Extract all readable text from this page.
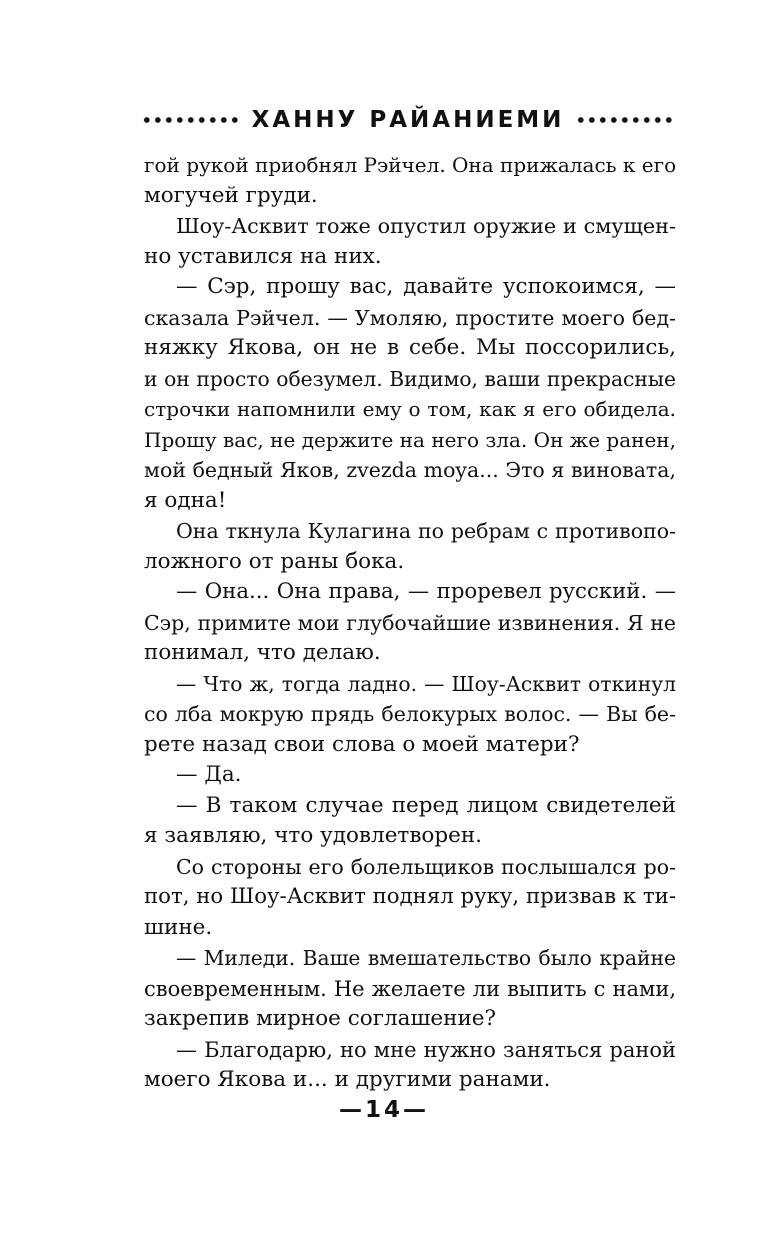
ХАННУ РАЙАНИЕМИ
гой рукой приобнял Рэйчел. Она прижалась к его
могучей груди.
Шоу-Асквит тоже опустил оружие и смущен-
но уставился на них.
— Сэр, прошу вас, давайте успокоимся, —
сказала Рэйчел. — Умоляю, простите моего бед-
няжку Якова, он не в себе. Мы поссорились,
и он просто обезумел. Видимо, ваши прекрасные
строчки напомнили ему о том, как я его обидела.
Прошу вас, не держите на него зла. Он же ранен,
мой бедный Яков, zvezda moya... Это я виновата,
я одна!
Она ткнула Кулагина по ребрам с противопо-
ложного от раны бока.
— Она... Она права, — проревел русский. —
Сэр, примите мои глубочайшие извинения. Я не
понимал, что делаю.
— Что ж, тогда ладно. — Шоу-Асквит откинул
со лба мокрую прядь белокурых волос. — Вы бе-
рете назад свои слова о моей матери?
— Да.
— В таком случае перед лицом свидетелей
я заявляю, что удовлетворен.
Со стороны его болельщиков послышался ро-
пот, но Шоу-Асквит поднял руку, призвав к ти-
шине.
— Миледи. Ваше вмешательство было крайне
своевременным. Не желаете ли выпить с нами,
закрепив мирное соглашение?
— Благодарю, но мне нужно заняться раной
моего Якова и... и другими ранами.
—14—
